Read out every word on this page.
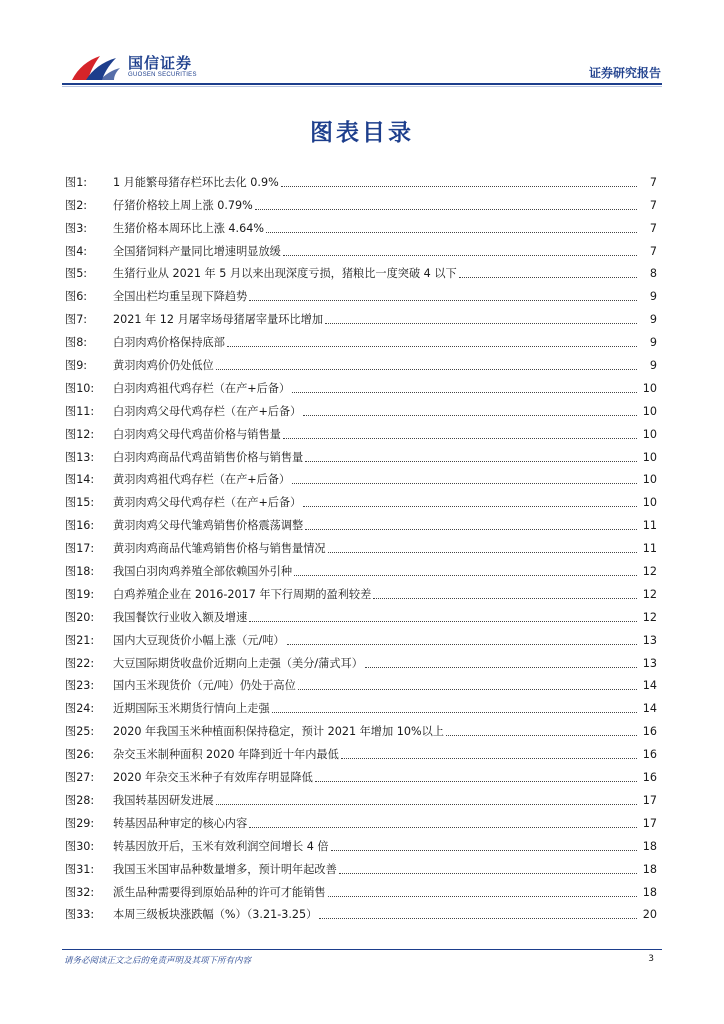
国信证券
GUOSEN SECURITIES	证券研究报告
图表目录
图1:	1 月能繁母猪存栏环比去化 0.9%	7
图2:	仔猪价格较上周上涨 0.79%	7
图3:	生猪价格本周环比上涨 4.64%	7
图4:	全国猪饲料产量同比增速明显放缓	7
图5:	生猪行业从 2021 年 5 月以来出现深度亏损，猪粮比一度突破 4 以下	8
图6:	全国出栏均重呈现下降趋势	9
图7:	2021 年 12 月屠宰场母猪屠宰量环比增加	9
图8:	白羽肉鸡价格保持底部	9
图9:	黄羽肉鸡价仍处低位	9
图10:	白羽肉鸡祖代鸡存栏（在产+后备）	10
图11:	白羽肉鸡父母代鸡存栏（在产+后备）	10
图12:	白羽肉鸡父母代鸡苗价格与销售量	10
图13:	白羽肉鸡商品代鸡苗销售价格与销售量	10
图14:	黄羽肉鸡祖代鸡存栏（在产+后备）	10
图15:	黄羽肉鸡父母代鸡存栏（在产+后备）	10
图16:	黄羽肉鸡父母代雏鸡销售价格震荡调整	11
图17:	黄羽肉鸡商品代雏鸡销售价格与销售量情况	11
图18:	我国白羽肉鸡养殖全部依赖国外引种	12
图19:	白鸡养殖企业在 2016-2017 年下行周期的盈利较差	12
图20:	我国餐饮行业收入额及增速	12
图21:	国内大豆现货价小幅上涨（元/吨）	13
图22:	大豆国际期货收盘价近期向上走强（美分/蒲式耳）	13
图23:	国内玉米现货价（元/吨）仍处于高位	14
图24:	近期国际玉米期货行情向上走强	14
图25:	2020 年我国玉米种植面积保持稳定，预计 2021 年增加 10%以上	16
图26:	杂交玉米制种面积 2020 年降到近十年内最低	16
图27:	2020 年杂交玉米种子有效库存明显降低	16
图28:	我国转基因研发进展	17
图29:	转基因品种审定的核心内容	17
图30:	转基因放开后，玉米有效利润空间增长 4 倍	18
图31:	我国玉米国审品种数量增多，预计明年起改善	18
图32:	派生品种需要得到原始品种的许可才能销售	18
图33:	本周三级板块涨跌幅（%）（3.21-3.25）	20
请务必阅读正文之后的免责声明及其项下所有内容	3
